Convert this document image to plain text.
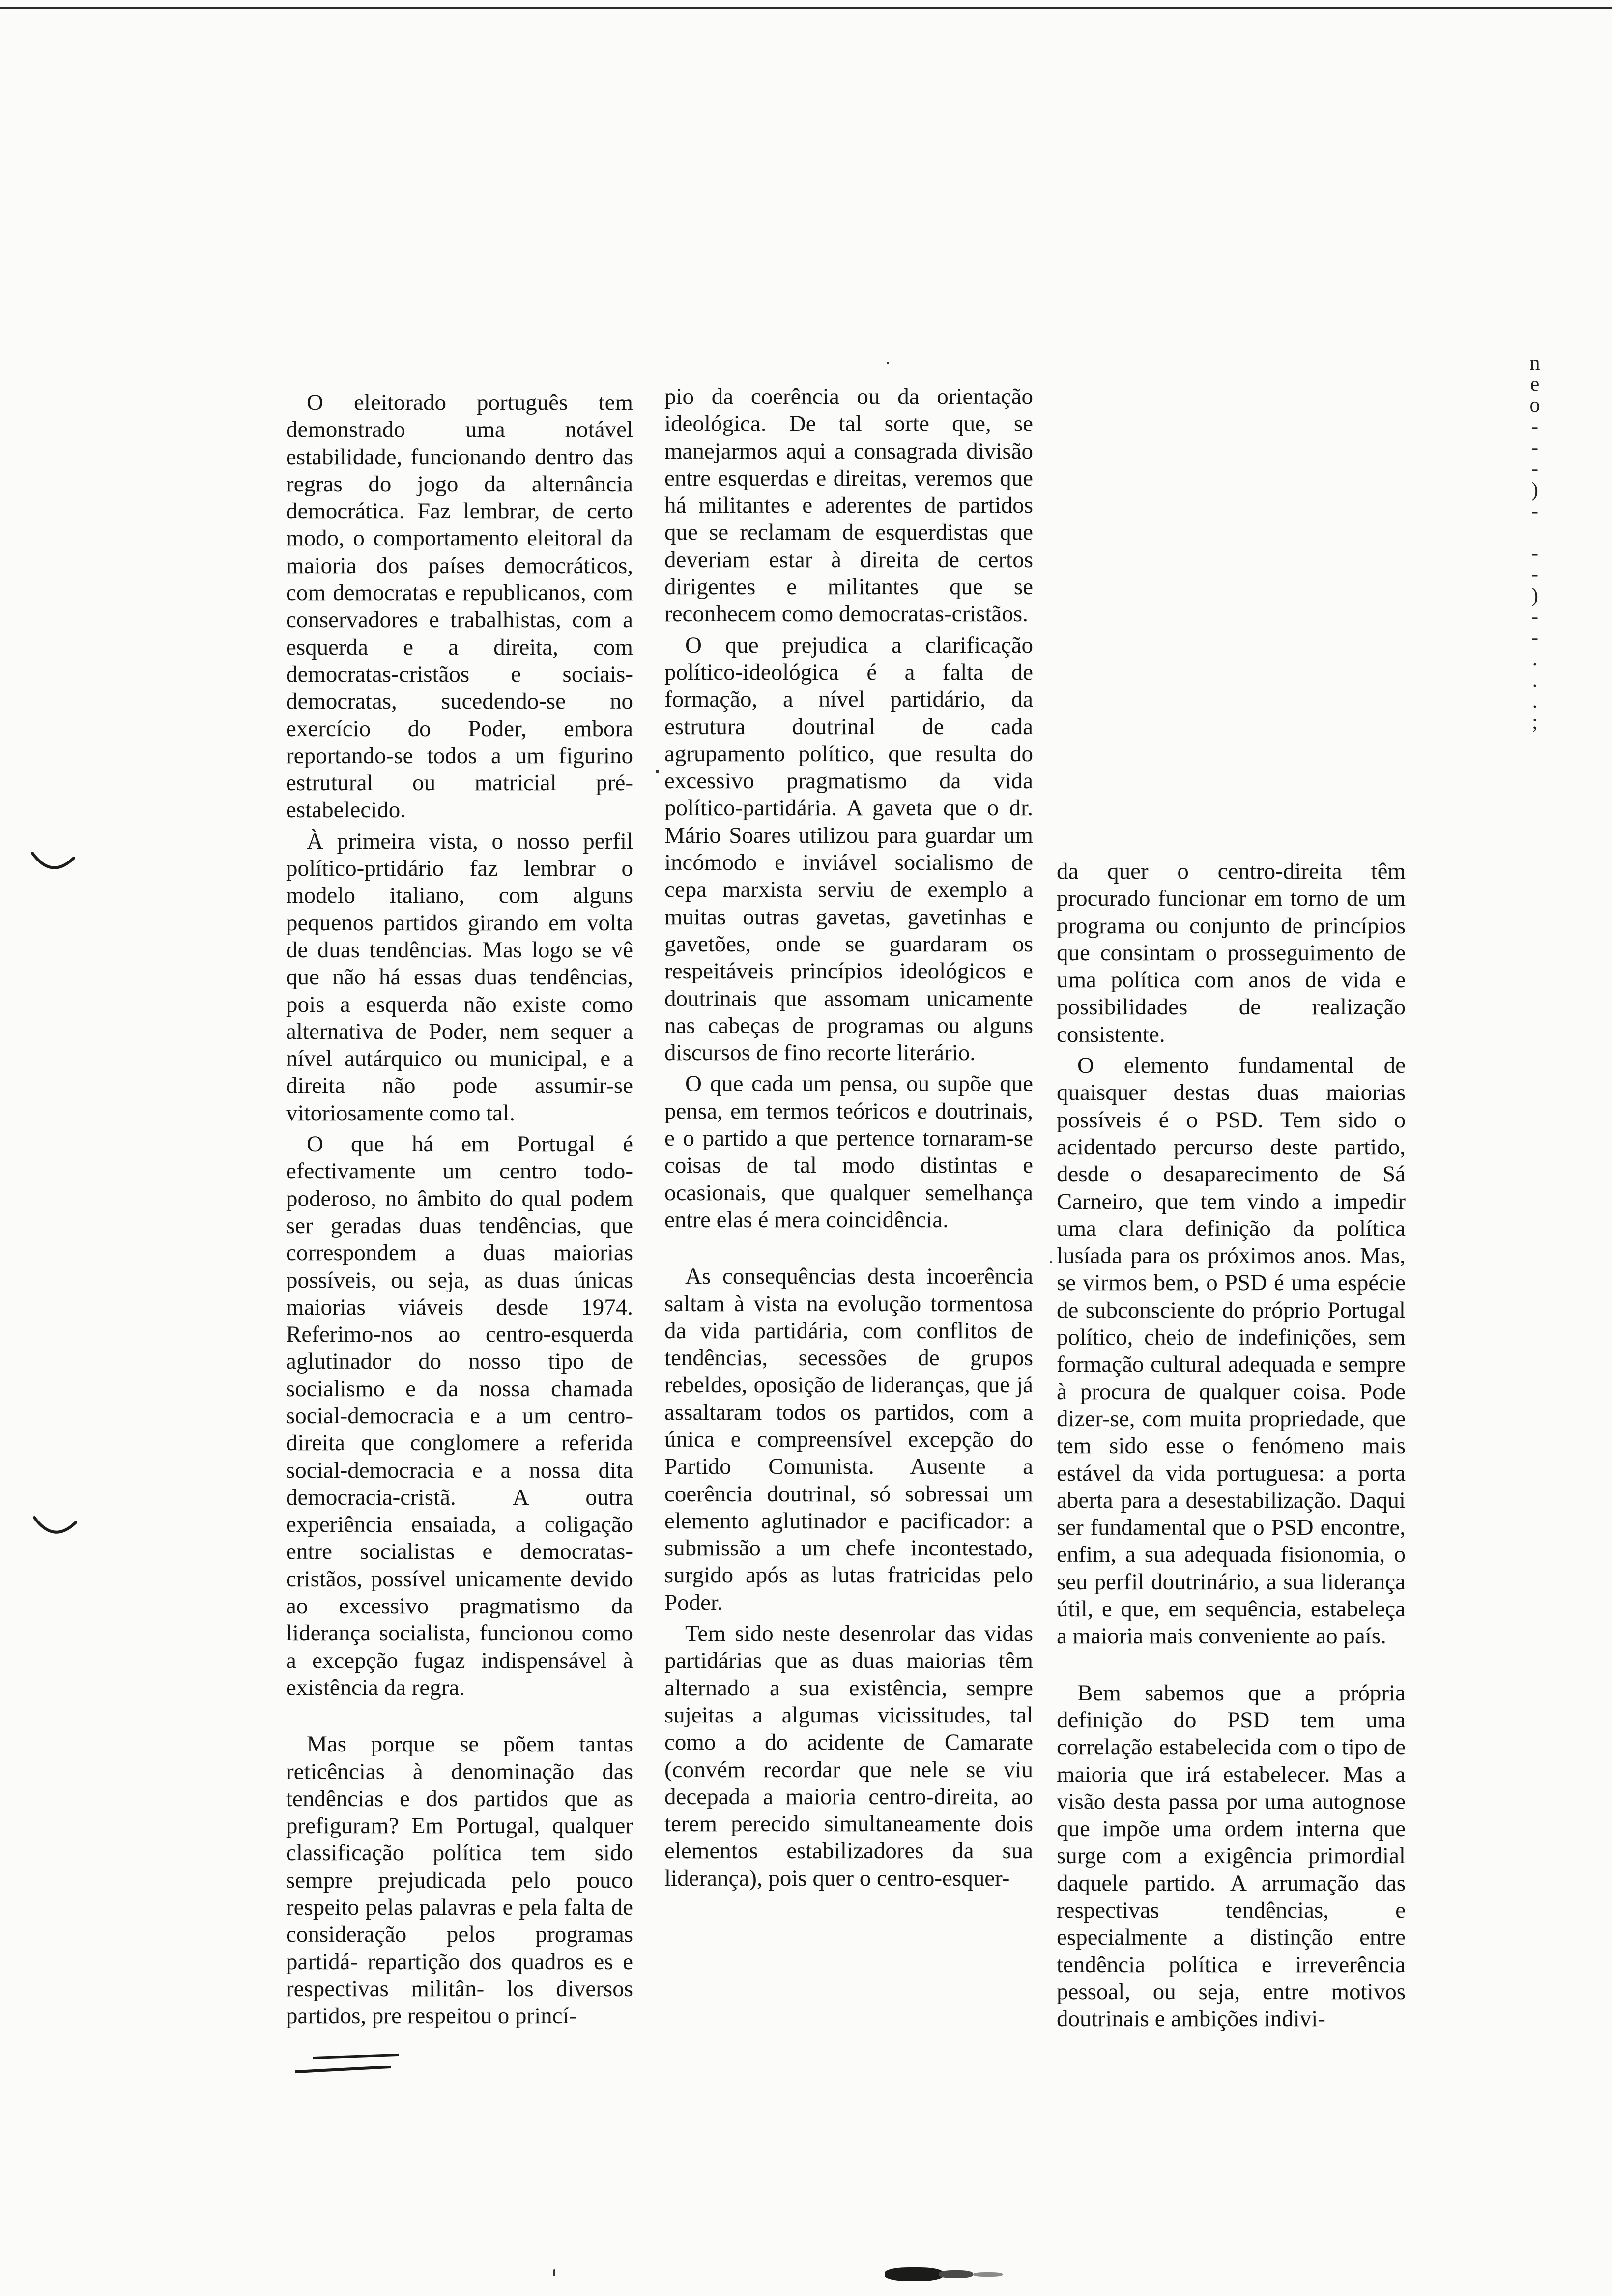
O eleitorado português tem demonstrado uma notável estabilidade, funcionando dentro das regras do jogo da alternância democrática. Faz lembrar, de certo modo, o comportamento eleitoral da maioria dos países democráticos, com democratas e republicanos, com conservadores e trabalhistas, com a esquerda e a direita, com democratas-cristãos e sociais-democratas, sucedendo-se no exercício do Poder, embora reportando-se todos a um figurino estrutural ou matricial pré-estabelecido.

À primeira vista, o nosso perfil político-prtidário faz lembrar o modelo italiano, com alguns pequenos partidos girando em volta de duas tendências. Mas logo se vê que não há essas duas tendências, pois a esquerda não existe como alternativa de Poder, nem sequer a nível autárquico ou municipal, e a direita não pode assumir-se vitoriosamente como tal.

O que há em Portugal é efectivamente um centro todo-poderoso, no âmbito do qual podem ser geradas duas tendências, que correspondem a duas maiorias possíveis, ou seja, as duas únicas maiorias viáveis desde 1974. Referimo-nos ao centro-esquerda aglutinador do nosso tipo de socialismo e da nossa chamada social-democracia e a um centro-direita que conglomere a referida social-democracia e a nossa dita democracia-cristã. A outra experiência ensaiada, a coligação entre socialistas e democratas-cristãos, possível unicamente devido ao excessivo pragmatismo da liderança socialista, funcionou como a excepção fugaz indispensável à existência da regra.

Mas porque se põem tantas reticências à denominação das tendências e dos partidos que as prefiguram? Em Portugal, qualquer classificação política tem sido sempre prejudicada pelo pouco respeito pelas palavras e pela falta de consideração pelos programas partidá- repartição dos quadros es e respectivas militân- los diversos partidos, pre respeitou o princí-

pio da coerência ou da orientação ideológica. De tal sorte que, se manejarmos aqui a consagrada divisão entre esquerdas e direitas, veremos que há militantes e aderentes de partidos que se reclamam de esquerdistas que deveriam estar à direita de certos dirigentes e militantes que se reconhecem como democratas-cristãos.

O que prejudica a clarificação político-ideológica é a falta de formação, a nível partidário, da estrutura doutrinal de cada agrupamento político, que resulta do excessivo pragmatismo da vida político-partidária. A gaveta que o dr. Mário Soares utilizou para guardar um incómodo e inviável socialismo de cepa marxista serviu de exemplo a muitas outras gavetas, gavetinhas e gavetões, onde se guardaram os respeitáveis princípios ideológicos e doutrinais que assomam unicamente nas cabeças de programas ou alguns discursos de fino recorte literário.

O que cada um pensa, ou supõe que pensa, em termos teóricos e doutrinais, e o partido a que pertence tornaram-se coisas de tal modo distintas e ocasionais, que qualquer semelhança entre elas é mera coincidência.

As consequências desta incoerência saltam à vista na evolução tormentosa da vida partidária, com conflitos de tendências, secessões de grupos rebeldes, oposição de lideranças, que já assaltaram todos os partidos, com a única e compreensível excepção do Partido Comunista. Ausente a coerência doutrinal, só sobressai um elemento aglutinador e pacificador: a submissão a um chefe incontestado, surgido após as lutas fratricidas pelo Poder.

Tem sido neste desenrolar das vidas partidárias que as duas maiorias têm alternado a sua existência, sempre sujeitas a algumas vicissitudes, tal como a do acidente de Camarate (convém recordar que nele se viu decepada a maioria centro-direita, ao terem perecido simultaneamente dois elementos estabilizadores da sua liderança), pois quer o centro-esquer-

da quer o centro-direita têm procurado funcionar em torno de um programa ou conjunto de princípios que consintam o prosseguimento de uma política com anos de vida e possibilidades de realização consistente.

O elemento fundamental de quaisquer destas duas maiorias possíveis é o PSD. Tem sido o acidentado percurso deste partido, desde o desaparecimento de Sá Carneiro, que tem vindo a impedir uma clara definição da política lusíada para os próximos anos. Mas, se virmos bem, o PSD é uma espécie de subconsciente do próprio Portugal político, cheio de indefinições, sem formação cultural adequada e sempre à procura de qualquer coisa. Pode dizer-se, com muita propriedade, que tem sido esse o fenómeno mais estável da vida portuguesa: a porta aberta para a desestabilização. Daqui ser fundamental que o PSD encontre, enfim, a sua adequada fisionomia, o seu perfil doutrinário, a sua liderança útil, e que, em sequência, estabeleça a maioria mais conveniente ao país.

Bem sabemos que a própria definição do PSD tem uma correlação estabelecida com o tipo de maioria que irá estabelecer. Mas a visão desta passa por uma autognose que impõe uma ordem interna que surge com a exigência primordial daquele partido. A arrumação das respectivas tendências, e especialmente a distinção entre tendência política e irreverência pessoal, ou seja, entre motivos doutrinais e ambições indivi-

n
e
o
-
-
-
)
-
-
-
)
-
-
.
.
.
;
